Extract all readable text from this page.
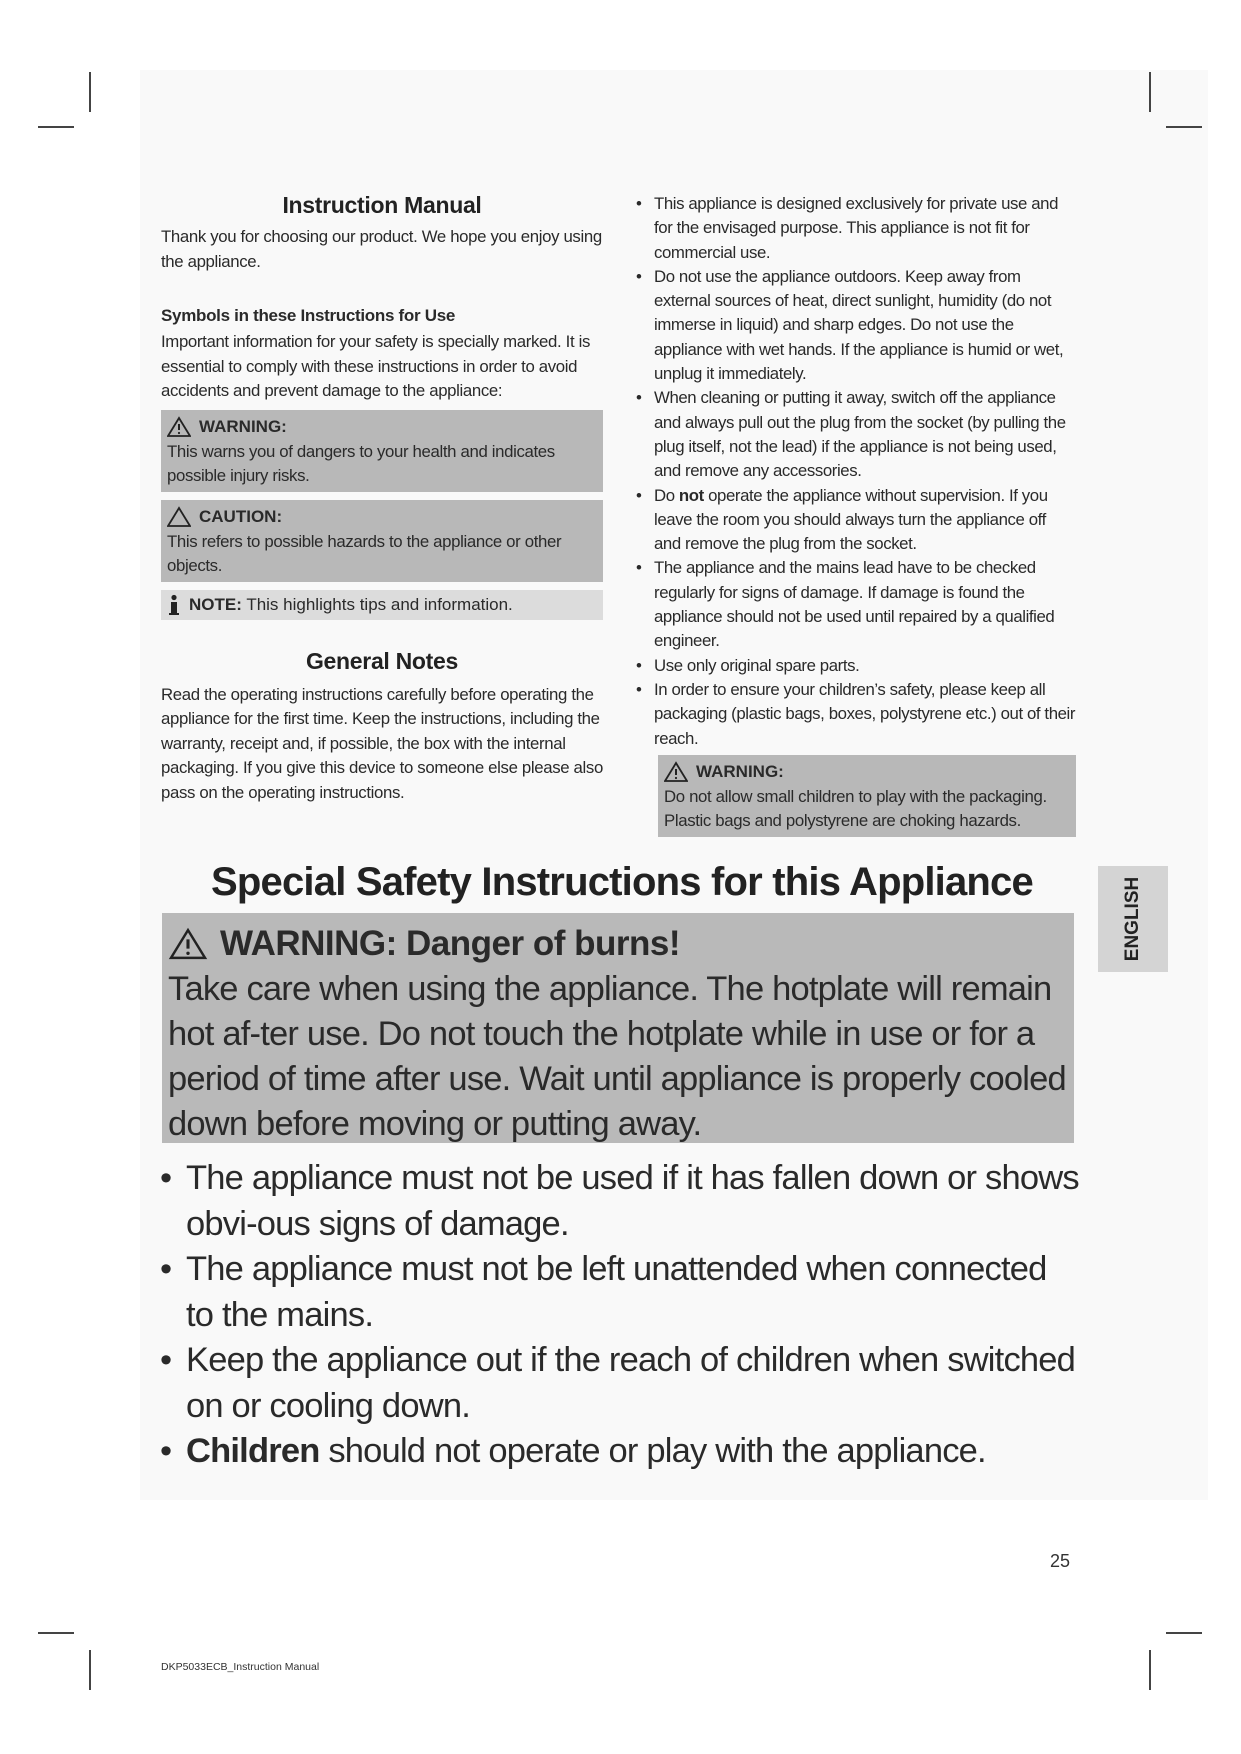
Instruction Manual

Thank you for choosing our product. We hope you enjoy using the appliance.

Symbols in these Instructions for Use

Important information for your safety is specially marked. It is essential to comply with these instructions in order to avoid accidents and prevent damage to the appliance:

WARNING:

This warns you of dangers to your health and indicates possible injury risks.

CAUTION:

This refers to possible hazards to the appliance or other objects.

NOTE: This highlights tips and information.
General Notes

Read the operating instructions carefully before operating the appliance for the first time. Keep the instructions, including the warranty, receipt and, if possible, the box with the internal packaging. If you give this device to someone else please also pass on the operating instructions.

• This appliance is designed exclusively for private use and for the envisaged purpose. This appliance is not fit for commercial use.
• Do not use the appliance outdoors. Keep away from external sources of heat, direct sunlight, humidity (do not immerse in liquid) and sharp edges. Do not use the appliance with wet hands. If the appliance is humid or wet, unplug it immediately.
• When cleaning or putting it away, switch off the appliance and always pull out the plug from the socket (by pulling the plug itself, not the lead) if the appliance is not being used, and remove any accessories.
• Do not operate the appliance without supervision. If you leave the room you should always turn the appliance off and remove the plug from the socket.
• The appliance and the mains lead have to be checked regularly for signs of damage. If damage is found the appliance should not be used until repaired by a qualified engineer.
• Use only original spare parts.
• In order to ensure your children’s safety, please keep all packaging (plastic bags, boxes, polystyrene etc.) out of their reach.
WARNING:

Do not allow small children to play with the packaging. Plastic bags and polystyrene are choking hazards.

Special Safety Instructions for this Appliance
WARNING: Danger of burns!

Take care when using the appliance. The hotplate will remain hot af-ter use. Do not touch the hotplate while in use or for a period of time after use. Wait until appliance is properly cooled down before moving or putting away.

• The appliance must not be used if it has fallen down or shows obvi-ous signs of damage.
• The appliance must not be left unattended when connected to the mains.
• Keep the appliance out if the reach of children when switched on or cooling down.
• Children should not operate or play with the appliance.
ENGLISH
25
DKP5033ECB_Instruction Manual
